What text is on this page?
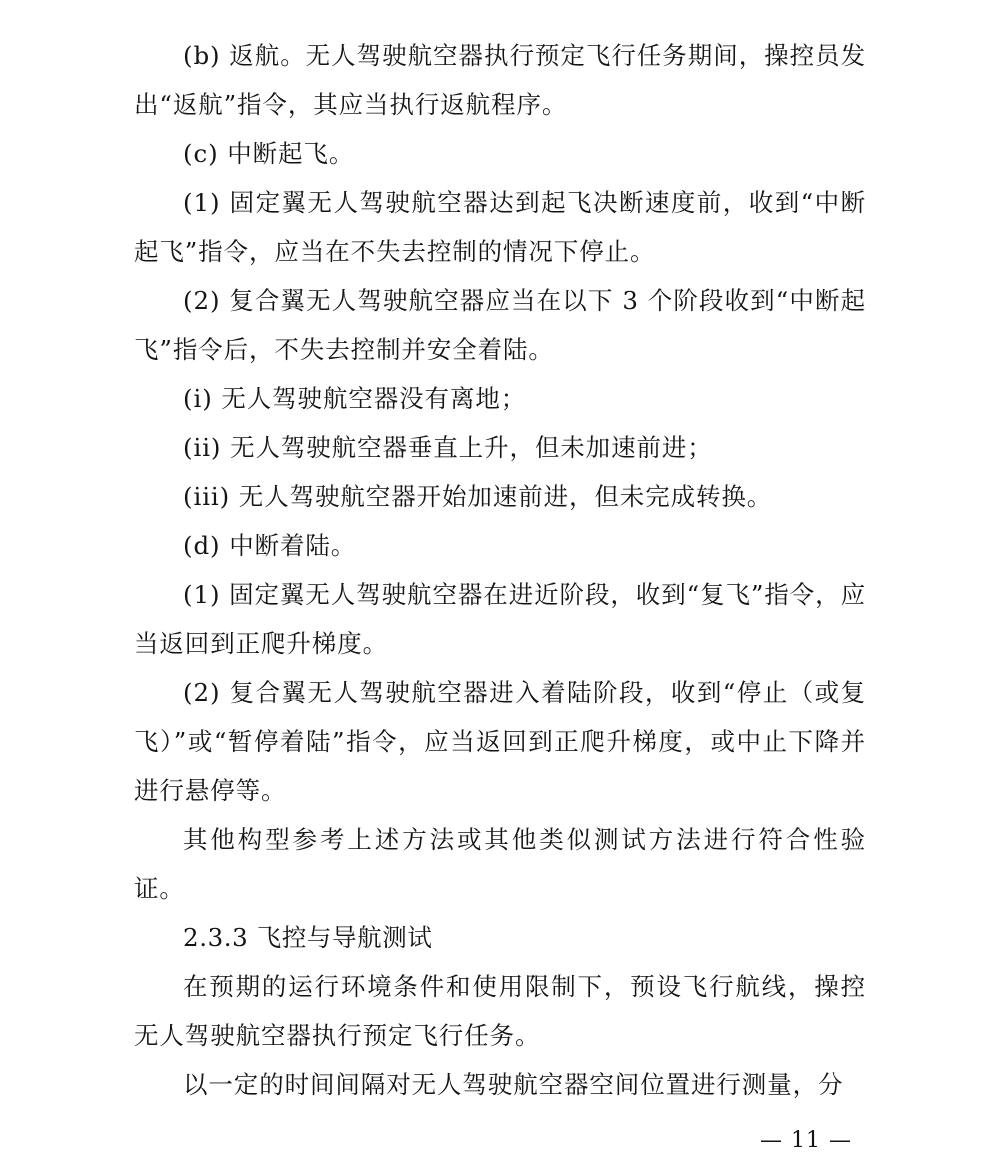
(b) 返航。无人驾驶航空器执行预定飞行任务期间，操控员发出“返航”指令，其应当执行返航程序。

(c) 中断起飞。

(1) 固定翼无人驾驶航空器达到起飞决断速度前，收到“中断起飞”指令，应当在不失去控制的情况下停止。

(2) 复合翼无人驾驶航空器应当在以下 3 个阶段收到“中断起飞”指令后，不失去控制并安全着陆。

(i) 无人驾驶航空器没有离地；

(ii) 无人驾驶航空器垂直上升，但未加速前进；

(iii) 无人驾驶航空器开始加速前进，但未完成转换。

(d) 中断着陆。

(1) 固定翼无人驾驶航空器在进近阶段，收到“复飞”指令，应当返回到正爬升梯度。

(2) 复合翼无人驾驶航空器进入着陆阶段，收到“停止（或复飞）”或“暂停着陆”指令，应当返回到正爬升梯度，或中止下降并进行悬停等。

其他构型参考上述方法或其他类似测试方法进行符合性验证。

2.3.3 飞控与导航测试

在预期的运行环境条件和使用限制下，预设飞行航线，操控无人驾驶航空器执行预定飞行任务。

以一定的时间间隔对无人驾驶航空器空间位置进行测量，分

— 11 —
